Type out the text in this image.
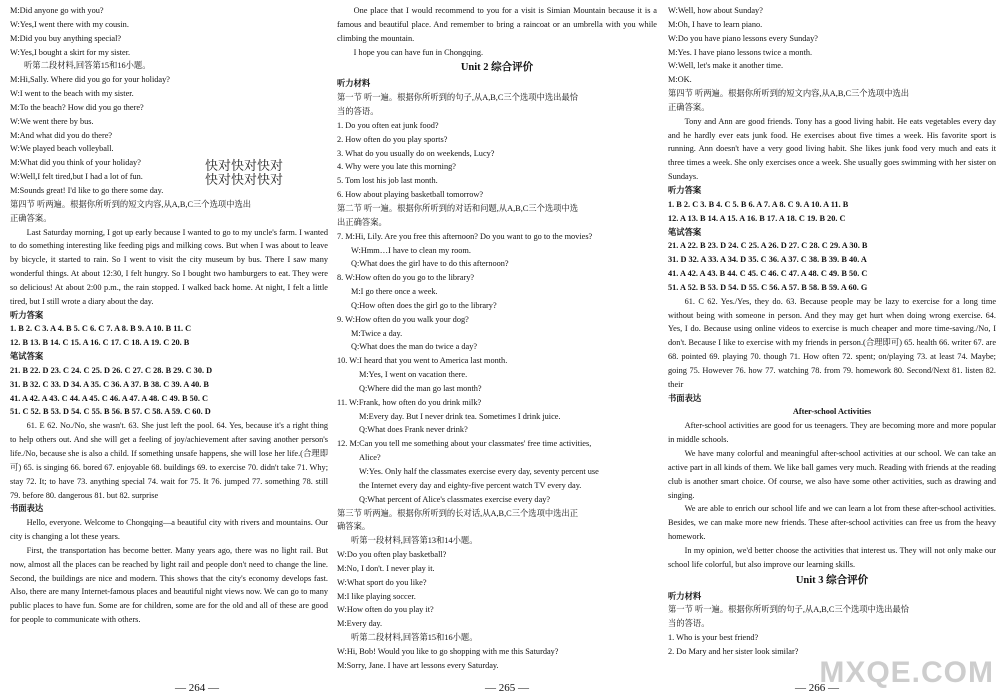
M:Did anyone go with you?
W:Yes,I went there with my cousin.
M:Did you buy anything special?
W:Yes,I bought a skirt for my sister.
听第二段材料,回答第15和16小题。
M:Hi,Sally. Where did you go for your holiday?
W:I went to the beach with my sister.
M:To the beach? How did you go there?
W:We went there by bus.
M:And what did you do there?
W:We played beach volleyball.
M:What did you think of your holiday?
W:Well,I felt tired,but I had a lot of fun.
M:Sounds great! I'd like to go there some day.
第四节 听两遍。根据你所听到的短文内容,从A,B,C三个选项中选出
正确答案。
Last Saturday morning, I got up early because I wanted to go to my uncle's farm. I wanted to do something interesting like feeding pigs and milking cows. But when I was about to leave by bicycle, it started to rain. So I went to visit the city museum by bus. There I saw many wonderful things. At about 12:30, I felt hungry. So I bought two hamburgers to eat. They were so delicious! At about 2:00 p.m., the rain stopped. I walked back home. At night, I felt a little tired, but I still wrote a diary about the day.
听力答案
1. B 2. C 3. A 4. B 5. C 6. C 7. A 8. B 9. A 10. B 11. C
12. B 13. B 14. C 15. A 16. C 17. C 18. A 19. C 20. B
笔试答案
21. B 22. D 23. C 24. C 25. D 26. C 27. C 28. B 29. C 30. D
31. B 32. C 33. D 34. A 35. C 36. A 37. B 38. C 39. A 40. B
41. A 42. A 43. C 44. A 45. C 46. A 47. A 48. C 49. B 50. C
51. C 52. B 53. D 54. C 55. B 56. B 57. C 58. A 59. C 60. D
61. E 62. No./No, she wasn't. 63. She just left the pool. 64. Yes, because it's a right thing to help others out. And she will get a feeling of joy/achievement after saving another person's life./No, because she is also a child. If something unsafe happens, she will lose her life.(合理即可) 65. is singing 66. bored 67. enjoyable 68. buildings 69. to exercise 70. didn't take 71. Why; stay 72. It; to have 73. anything special 74. wait for 75. It 76. jumped 77. something 78. still 79. before 80. dangerous 81. but 82. surprise
书面表达
Hello, everyone. Welcome to Chongqing—a beautiful city with rivers and mountains. Our city is changing a lot these years.
First, the transportation has become better. Many years ago, there was no light rail. But now, almost all the places can be reached by light rail and people don't need to change the line. Second, the buildings are nice and modern. This shows that the city's economy develops fast. Also, there are many Internet-famous places and beautiful night views now. We can go to many public places to have fun. Some are for children, some are for the old and all of these are good for people to communicate with others.
One place that I would recommend to you for a visit is Simian Mountain because it is a famous and beautiful place. And remember to bring a raincoat or an umbrella with you while climbing the mountain.
I hope you can have fun in Chongqing.
Unit 2 综合评价
听力材料
第一节 听一遍。根据你所听到的句子,从A,B,C三个选项中选出最恰
当的答语。
1. Do you often eat junk food?
2. How often do you play sports?
3. What do you usually do on weekends, Lucy?
4. Why were you late this morning?
5. Tom lost his job last month.
6. How about playing basketball tomorrow?
第二节 听一遍。根据你所听到的对话和问题,从A,B,C三个选项中选
出正确答案。
7. M:Hi, Lily. Are you free this afternoon? Do you want to go to the movies?
W:Hmm…I have to clean my room.
Q:What does the girl have to do this afternoon?
8. W:How often do you go to the library?
M:I go there once a week.
Q:How often does the girl go to the library?
9. W:How often do you walk your dog?
M:Twice a day.
Q:What does the man do twice a day?
10. W:I heard that you went to America last month.
M:Yes, I went on vacation there.
Q:Where did the man go last month?
11. W:Frank, how often do you drink milk?
M:Every day. But I never drink tea. Sometimes I drink juice.
Q:What does Frank never drink?
12. M:Can you tell me something about your classmates' free time activities,
Alice?
W:Yes. Only half the classmates exercise every day, seventy percent use
the Internet every day and eighty-five percent watch TV every day.
Q:What percent of Alice's classmates exercise every day?
第三节 听两遍。根据你所听到的长对话,从A,B,C三个选项中选出正
确答案。
听第一段材料,回答第13和14小题。
W:Do you often play basketball?
M:No, I don't. I never play it.
W:What sport do you like?
M:I like playing soccer.
W:How often do you play it?
M:Every day.
听第二段材料,回答第15和16小题。
W:Hi, Bob! Would you like to go shopping with me this Saturday?
M:Sorry, Jane. I have art lessons every Saturday.
W:Well, how about Sunday?
M:Oh, I have to learn piano.
W:Do you have piano lessons every Sunday?
M:Yes. I have piano lessons twice a month.
W:Well, let's make it another time.
M:OK.
第四节 听两遍。根据你所听到的短文内容,从A,B,C三个选项中选出
正确答案。
Tony and Ann are good friends. Tony has a good living habit. He eats vegetables every day and he hardly ever eats junk food. He exercises about five times a week. His favorite sport is running. Ann doesn't have a very good living habit. She likes junk food very much and eats it three times a week. She only exercises once a week. She usually goes swimming with her sister on Sundays.
听力答案
1. B 2. C 3. B 4. C 5. B 6. A 7. A 8. C 9. A 10. A 11. B
12. A 13. B 14. A 15. A 16. B 17. A 18. C 19. B 20. C
笔试答案
21. A 22. B 23. D 24. C 25. A 26. D 27. C 28. C 29. A 30. B
31. D 32. A 33. A 34. D 35. C 36. A 37. C 38. B 39. B 40. A
41. A 42. A 43. B 44. C 45. C 46. C 47. A 48. C 49. B 50. C
51. A 52. B 53. D 54. D 55. C 56. A 57. B 58. B 59. A 60. G
61. C 62. Yes./Yes, they do. 63. Because people may be lazy to exercise for a long time without being with someone in person. And they may get hurt when doing wrong exercise. 64. Yes, I do. Because using online videos to exercise is much cheaper and more time-saving./No, I don't. Because I like to exercise with my friends in person.(合理即可) 65. health 66. writer 67. are 68. pointed 69. playing 70. though 71. How often 72. spent; on/playing 73. at least 74. Maybe; going 75. However 76. how 77. watching 78. from 79. homework 80. Second/Next 81. listen 82. their
书面表达
After-school Activities
After-school activities are good for us teenagers. They are becoming more and more popular in middle schools.
We have many colorful and meaningful after-school activities at our school. We can take an active part in all kinds of them. We like ball games very much. Reading with friends at the reading club is another smart choice. Of course, we also have some other activities, such as drawing and singing.
We are able to enrich our school life and we can learn a lot from these after-school activities. Besides, we can make more new friends. These after-school activities can free us from the heavy homework.
In my opinion, we'd better choose the activities that interest us. They will not only make our school life colorful, but also improve our learning skills.
Unit 3 综合评价
听力材料
第一节 听一遍。根据你所听到的句子,从A,B,C三个选项中选出最恰
当的答语。
1. Who is your best friend?
2. Do Mary and her sister look similar?
快对快对快对
快对快对快对
— 264 —	— 265 —	— 266 —
MXQE.COM
